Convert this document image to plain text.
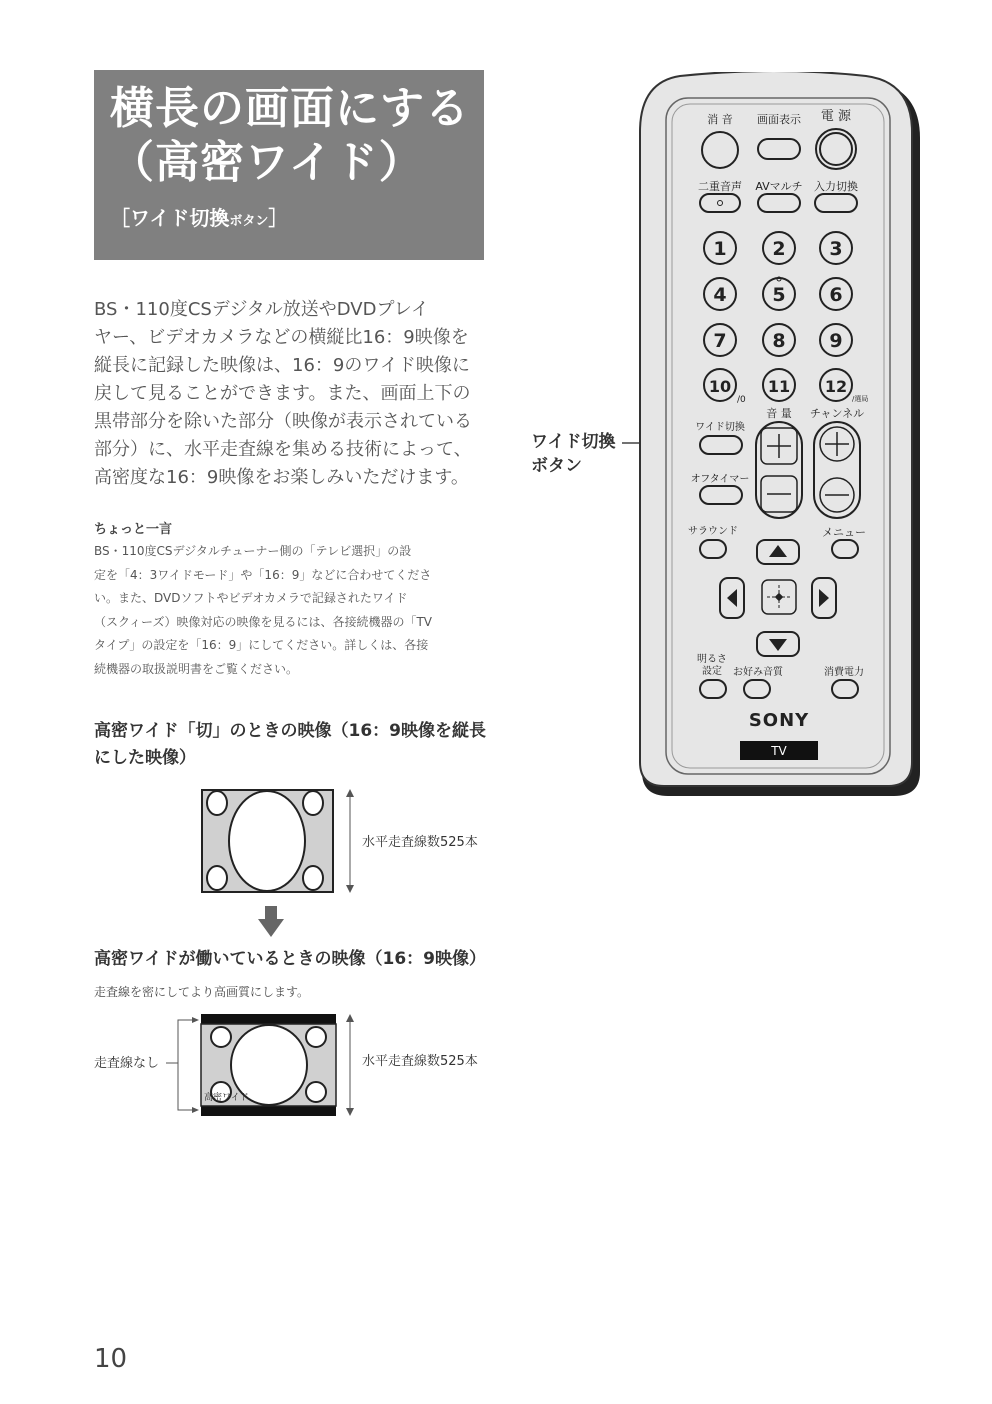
横長の画面にする
（高密ワイド）
［ワイド切換ボタン］
BS・110度CSデジタル放送やDVDプレイ
ヤー、ビデオカメラなどの横縦比16：9映像を
縦長に記録した映像は、16：9のワイド映像に
戻して見ることができます。また、画面上下の
黒帯部分を除いた部分（映像が表示されている
部分）に、水平走査線を集める技術によって、
高密度な16：9映像をお楽しみいただけます。
ちょっと一言
BS・110度CSデジタルチューナー側の「テレビ選択」の設
定を「4：3ワイドモード」や「16：9」などに合わせてくださ
い。また、DVDソフトやビデオカメラで記録されたワイド
（スクィーズ）映像対応の映像を見るには、各接続機器の「TV
タイプ」の設定を「16：9」にしてください。詳しくは、各接
続機器の取扱説明書をご覧ください。
高密ワイド「切」のときの映像（16：9映像を縦長
にした映像）
水平走査線数525本
高密ワイドが働いているときの映像（16：9映像）
走査線を密にしてより高画質にします。
高密ワイド
走査線なし	水平走査線数525本
ワイド切換
ボタン
消 音 画面表示 電 源
二重音声 AVマルチ 入力切換
1 2 3
4 5 6
7 8 9
10
/0
11 12
/選局
ワイド切換
音 量 チャンネル
オフタイマー
サラウンド	メニュー
明るさ
設定 お好み音質	消費電力
SONY
TV
10
